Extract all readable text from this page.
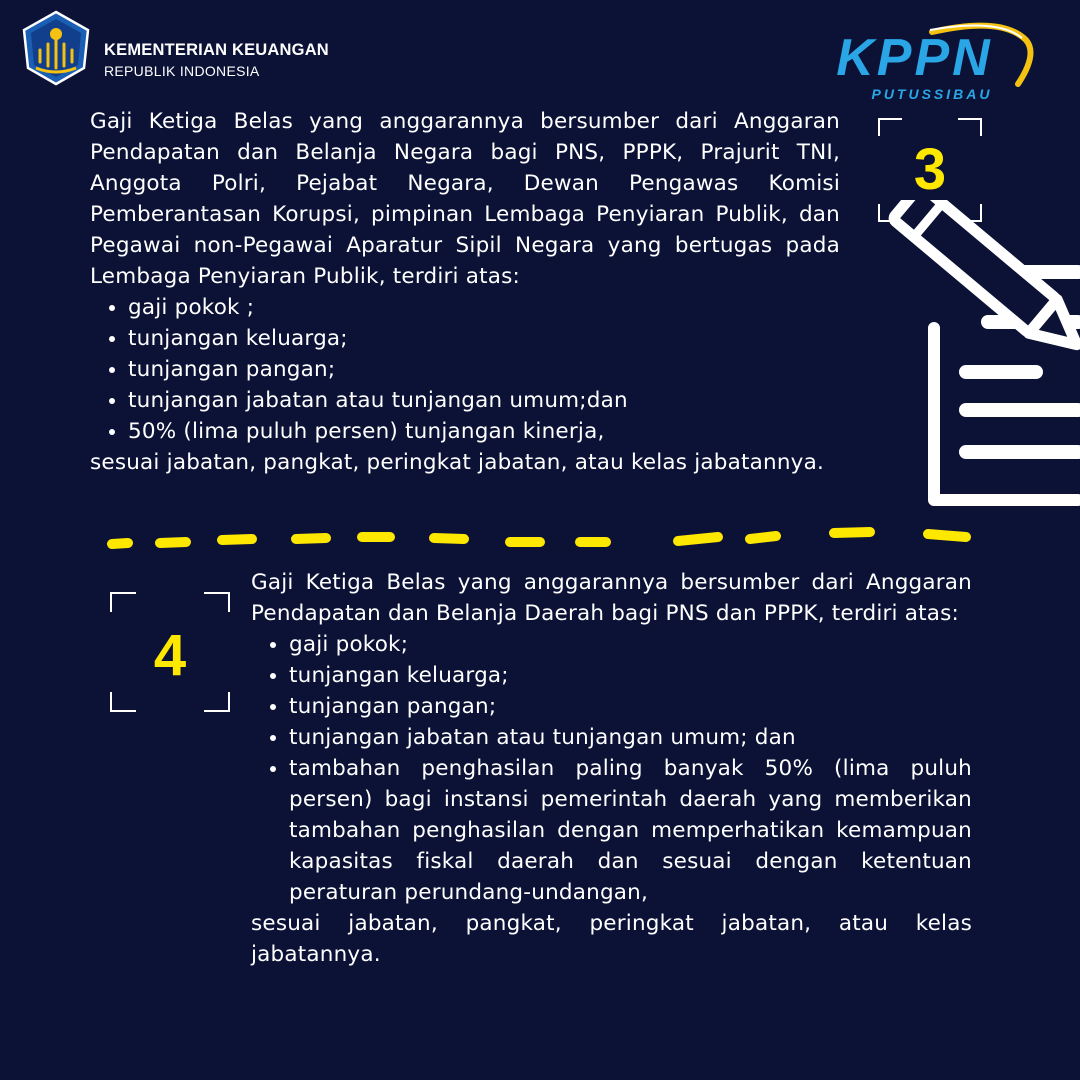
KEMENTERIAN KEUANGAN
REPUBLIK INDONESIA	KPPN
PUTUSSIBAU
3

Gaji Ketiga Belas yang anggarannya bersumber dari Anggaran Pendapatan dan Belanja Negara bagi PNS, PPPK, Prajurit TNI, Anggota Polri, Pejabat Negara, Dewan Pengawas Komisi Pemberantasan Korupsi, pimpinan Lembaga Penyiaran Publik, dan Pegawai non-Pegawai Aparatur Sipil Negara yang bertugas pada Lembaga Penyiaran Publik, terdiri atas:

• gaji pokok ;
• tunjangan keluarga;
• tunjangan pangan;
• tunjangan jabatan atau tunjangan umum;dan
• 50% (lima puluh persen) tunjangan kinerja,

sesuai jabatan, pangkat, peringkat jabatan, atau kelas jabatannya.

4

Gaji Ketiga Belas yang anggarannya bersumber dari Anggaran Pendapatan dan Belanja Daerah bagi PNS dan PPPK, terdiri atas:

• gaji pokok;
• tunjangan keluarga;
• tunjangan pangan;
• tunjangan jabatan atau tunjangan umum; dan
• tambahan penghasilan paling banyak 50% (lima puluh persen) bagi instansi pemerintah daerah yang memberikan tambahan penghasilan dengan memperhatikan kemampuan kapasitas fiskal daerah dan sesuai dengan ketentuan peraturan perundang-undangan,

sesuai jabatan, pangkat, peringkat jabatan, atau kelas jabatannya.
